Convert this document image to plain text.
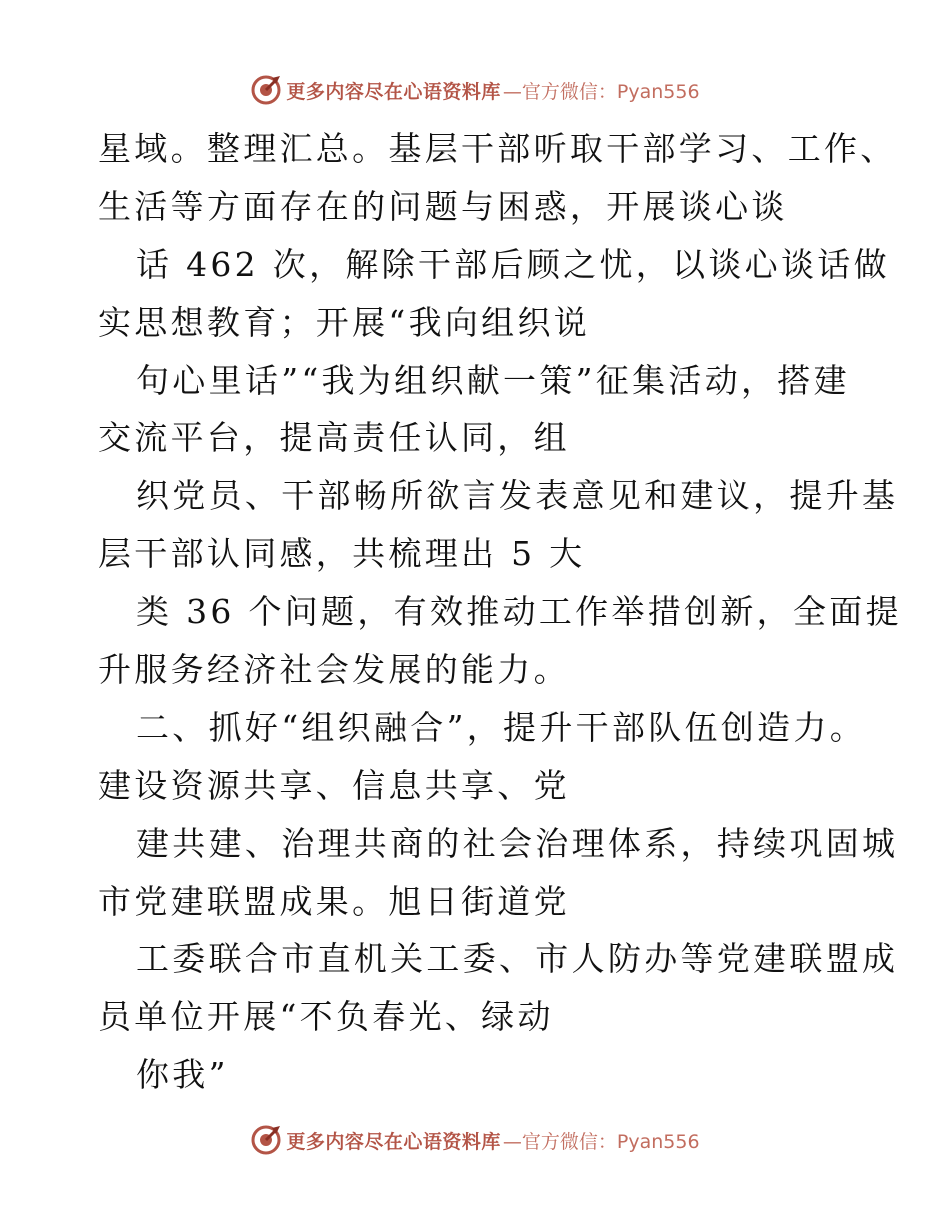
更多内容尽在心语资料库 —官方微信：Pyan556
星域。整理汇总。基层干部听取干部学习、工作、
生活等方面存在的问题与困惑，开展谈心谈
话 462 次，解除干部后顾之忧，以谈心谈话做
实思想教育；开展“我向组织说
句心里话”“我为组织献一策”征集活动，搭建
交流平台，提高责任认同，组
织党员、干部畅所欲言发表意见和建议，提升基
层干部认同感，共梳理出 5 大
类 36 个问题，有效推动工作举措创新，全面提
升服务经济社会发展的能力。
二、抓好“组织融合”，提升干部队伍创造力。
建设资源共享、信息共享、党
建共建、治理共商的社会治理体系，持续巩固城
市党建联盟成果。旭日街道党
工委联合市直机关工委、市人防办等党建联盟成
员单位开展“不负春光、绿动
你我”
更多内容尽在心语资料库 —官方微信：Pyan556
